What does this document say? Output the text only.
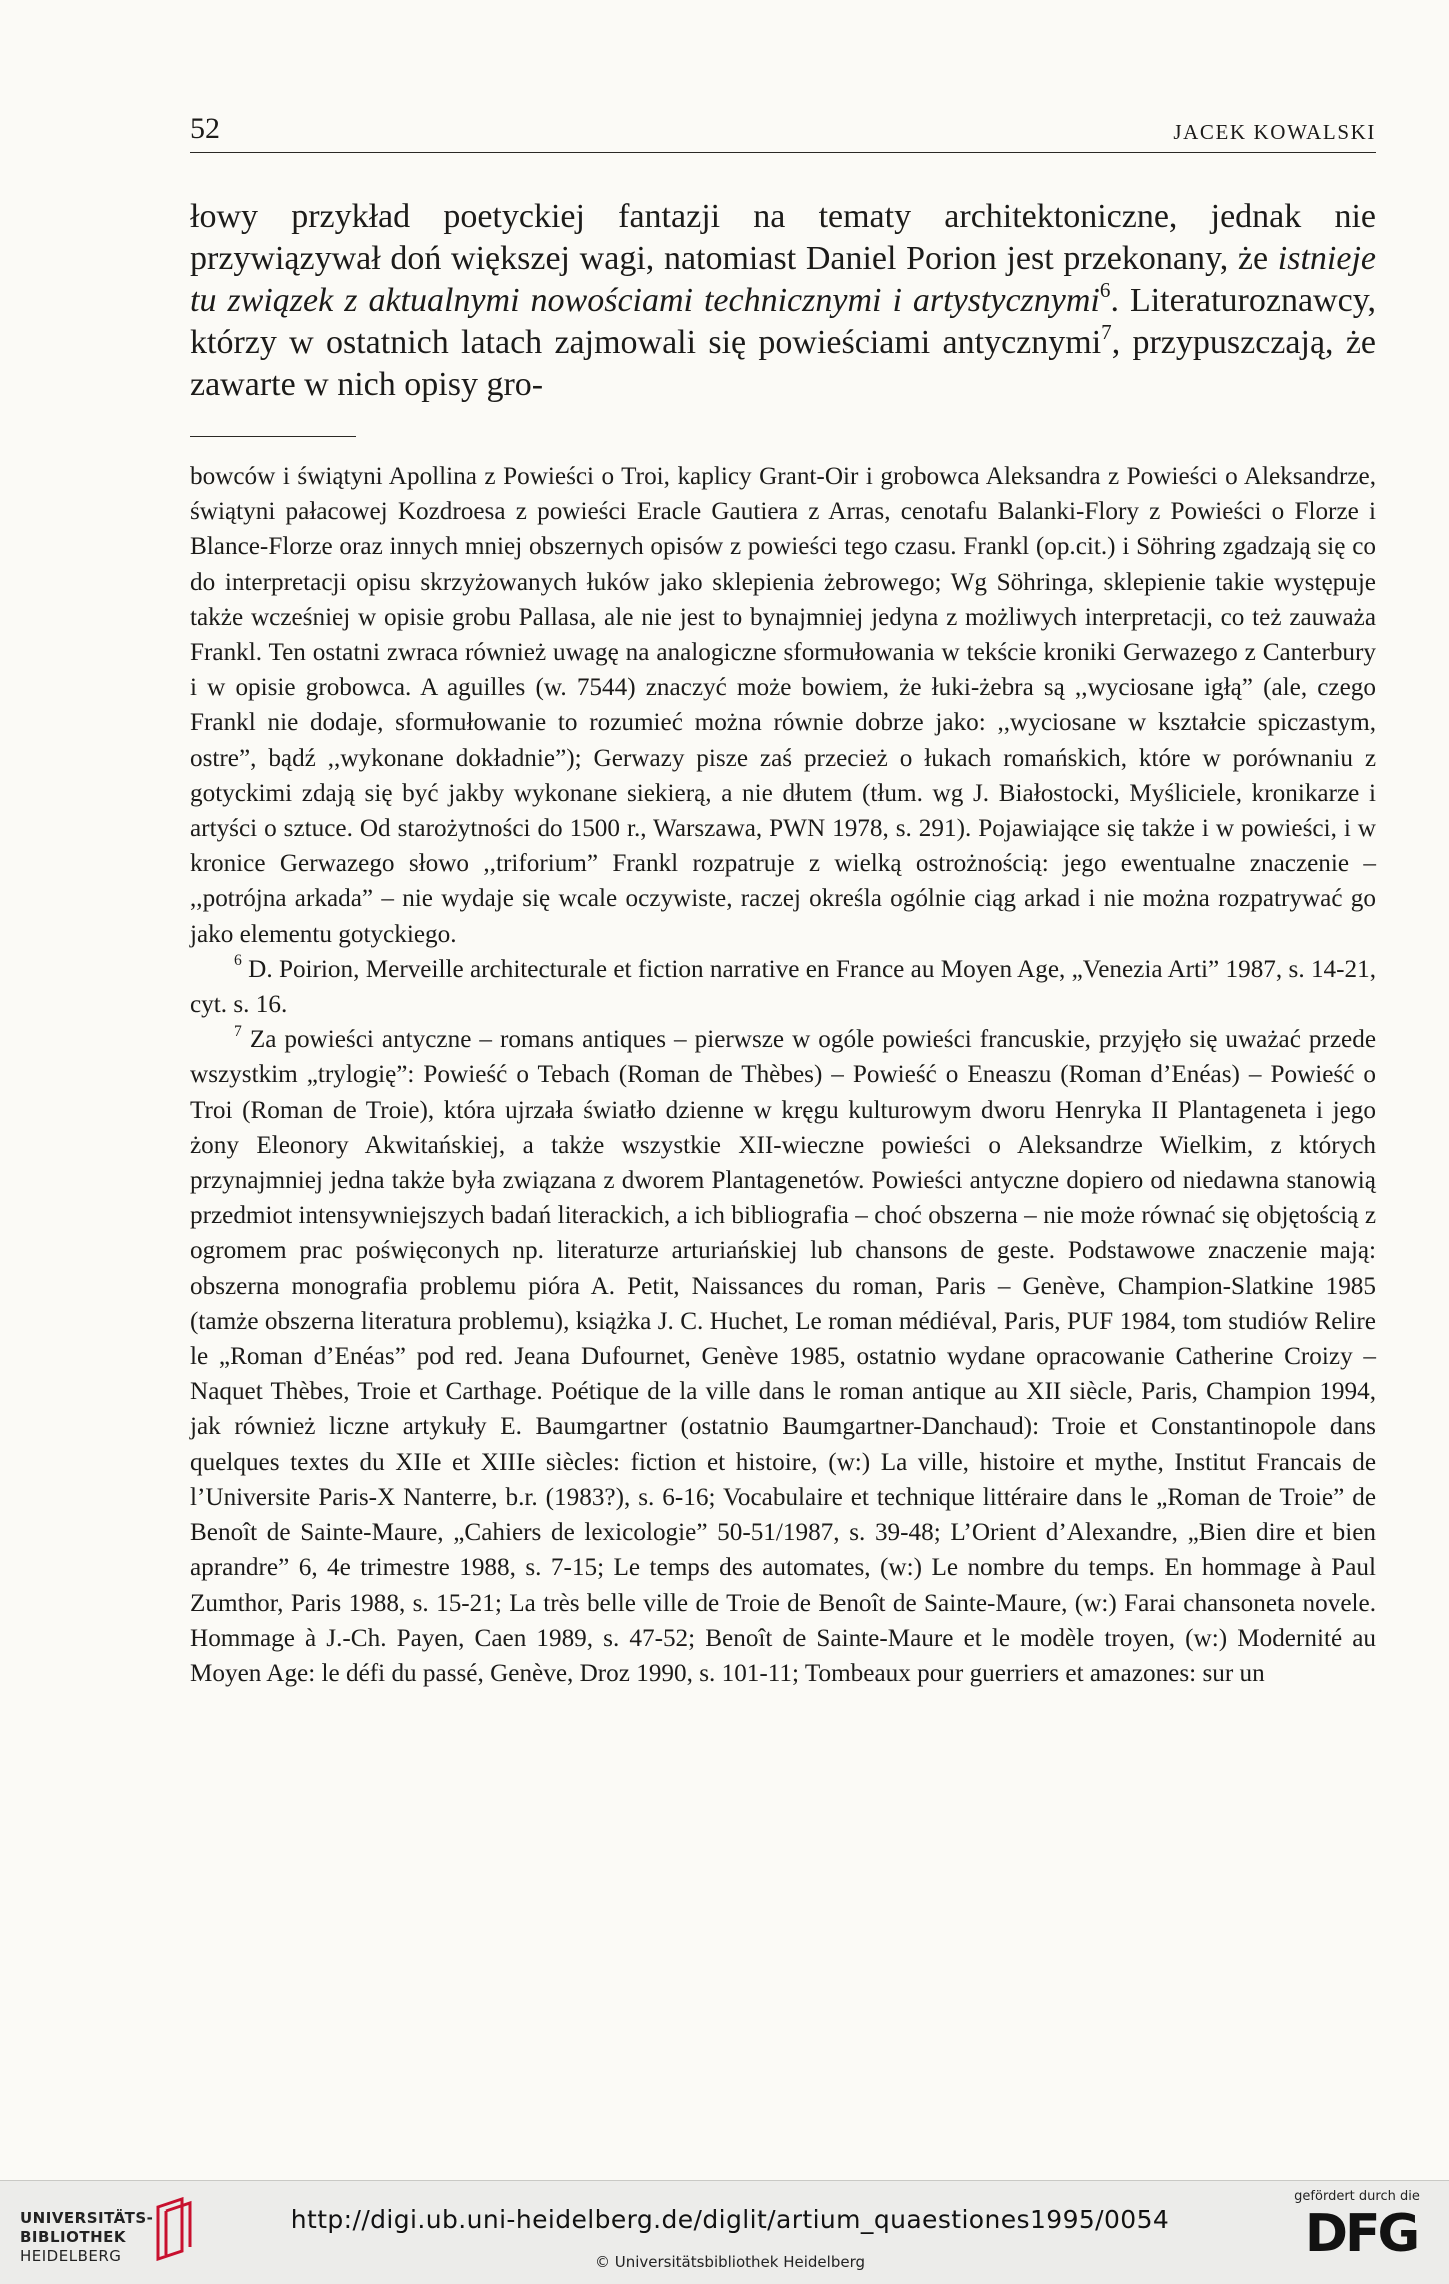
52	JACEK KOWALSKI

łowy przykład poetyckiej fantazji na tematy architektoniczne, jednak nie przywiązywał doń większej wagi, natomiast Daniel Porion jest przekonany, że istnieje tu związek z aktualnymi nowościami technicznymi i artystycznymi$^6$. Literaturoznawcy, którzy w ostatnich latach zajmowali się powieściami antycznymi$^7$, przypuszczają, że zawarte w nich opisy gro-

bowców i świątyni Apollina z Powieści o Troi, kaplicy Grant-Oir i grobowca Aleksandra z Powieści o Aleksandrze, świątyni pałacowej Kozdroesa z powieści Eracle Gautiera z Arras, cenotafu Balanki-Flory z Powieści o Florze i Blance-Florze oraz innych mniej obszernych opisów z powieści tego czasu. Frankl (op.cit.) i Söhring zgadzają się co do interpretacji opisu skrzyżowanych łuków jako sklepienia żebrowego; Wg Söhringa, sklepienie takie występuje także wcześniej w opisie grobu Pallasa, ale nie jest to bynajmniej jedyna z możliwych interpretacji, co też zauważa Frankl. Ten ostatni zwraca również uwagę na analogiczne sformułowania w tekście kroniki Gerwazego z Canterbury i w opisie grobowca. A aguilles (w. 7544) znaczyć może bowiem, że łuki-żebra są ,,wyciosane igłą” (ale, czego Frankl nie dodaje, sformułowanie to rozumieć można równie dobrze jako: ,,wyciosane w kształcie spiczastym, ostre”, bądź ,,wykonane dokładnie”); Gerwazy pisze zaś przecież o łukach romańskich, które w porównaniu z gotyckimi zdają się być jakby wykonane siekierą, a nie dłutem (tłum. wg J. Białostocki, Myśliciele, kronikarze i artyści o sztuce. Od starożytności do 1500 r., Warszawa, PWN 1978, s. 291). Pojawiające się także i w powieści, i w kronice Gerwazego słowo ,,triforium” Frankl rozpatruje z wielką ostrożnością: jego ewentualne znaczenie – ,,potrójna arkada” – nie wydaje się wcale oczywiste, raczej określa ogólnie ciąg arkad i nie można rozpatrywać go jako elementu gotyckiego.

$^6$ D. Poirion, Merveille architecturale et fiction narrative en France au Moyen Age, „Venezia Arti” 1987, s. 14-21, cyt. s. 16.

$^7$ Za powieści antyczne – romans antiques – pierwsze w ogóle powieści francuskie, przyjęło się uważać przede wszystkim „trylogię”: Powieść o Tebach (Roman de Thèbes) – Powieść o Eneaszu (Roman d’Enéas) – Powieść o Troi (Roman de Troie), która ujrzała światło dzienne w kręgu kulturowym dworu Henryka II Plantageneta i jego żony Eleonory Akwitańskiej, a także wszystkie XII-wieczne powieści o Aleksandrze Wielkim, z których przynajmniej jedna także była związana z dworem Plantagenetów. Powieści antyczne dopiero od niedawna stanowią przedmiot intensywniejszych badań literackich, a ich bibliografia – choć obszerna – nie może równać się objętością z ogromem prac poświęconych np. literaturze arturiańskiej lub chansons de geste. Podstawowe znaczenie mają: obszerna monografia problemu pióra A. Petit, Naissances du roman, Paris – Genève, Champion-Slatkine 1985 (tamże obszerna literatura problemu), książka J. C. Huchet, Le roman médiéval, Paris, PUF 1984, tom studiów Relire le „Roman d’Enéas” pod red. Jeana Dufournet, Genève 1985, ostatnio wydane opracowanie Catherine Croizy – Naquet Thèbes, Troie et Carthage. Poétique de la ville dans le roman antique au XII siècle, Paris, Champion 1994, jak również liczne artykuły E. Baumgartner (ostatnio Baumgartner-Danchaud): Troie et Constantinopole dans quelques textes du XIIe et XIIIe siècles: fiction et histoire, (w:) La ville, histoire et mythe, Institut Francais de l’Universite Paris-X Nanterre, b.r. (1983?), s. 6-16; Vocabulaire et technique littéraire dans le „Roman de Troie” de Benoît de Sainte-Maure, „Cahiers de lexicologie” 50-51/1987, s. 39-48; L’Orient d’Alexandre, „Bien dire et bien aprandre” 6, 4e trimestre 1988, s. 7-15; Le temps des automates, (w:) Le nombre du temps. En hommage à Paul Zumthor, Paris 1988, s. 15-21; La très belle ville de Troie de Benoît de Sainte-Maure, (w:) Farai chansoneta novele. Hommage à J.-Ch. Payen, Caen 1989, s. 47-52; Benoît de Sainte-Maure et le modèle troyen, (w:) Modernité au Moyen Age: le défi du passé, Genève, Droz 1990, s. 101-11; Tombeaux pour guerriers et amazones: sur un

UNIVERSITÄTS-
BIBLIOTHEK
HEIDELBERG
http://digi.ub.uni-heidelberg.de/diglit/artium_quaestiones1995/0054
© Universitätsbibliothek Heidelberg
gefördert durch die
DFG
